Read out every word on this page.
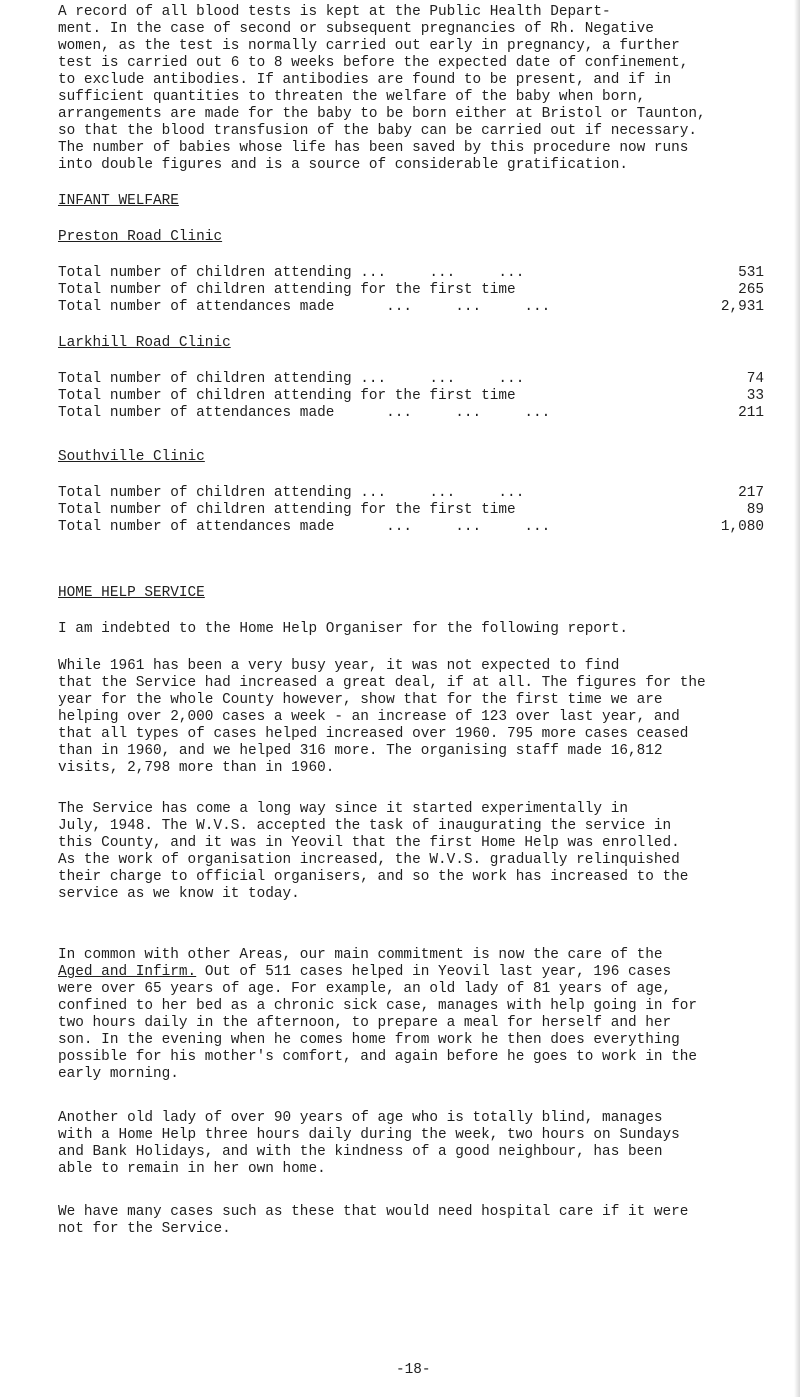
A record of all blood tests is kept at the Public Health Depart-
ment. In the case of second or subsequent pregnancies of Rh. Negative
women, as the test is normally carried out early in pregnancy, a further
test is carried out 6 to 8 weeks before the expected date of confinement,
to exclude antibodies. If antibodies are found to be present, and if in
sufficient quantities to threaten the welfare of the baby when born,
arrangements are made for the baby to be born either at Bristol or Taunton,
so that the blood transfusion of the baby can be carried out if necessary.
The number of babies whose life has been saved by this procedure now runs
into double figures and is a source of considerable gratification.

INFANT WELFARE
Preston Road Clinic
Total number of children attending ...     ...     ...	531
Total number of children attending for the first time	265
Total number of attendances made      ...     ...     ...	2,931
Larkhill Road Clinic
Total number of children attending ...     ...     ...	74
Total number of children attending for the first time	33
Total number of attendances made      ...     ...     ...	211
Southville Clinic
Total number of children attending ...     ...     ...	217
Total number of children attending for the first time	89
Total number of attendances made      ...     ...     ...	1,080
HOME HELP SERVICE

I am indebted to the Home Help Organiser for the following report.

While 1961 has been a very busy year, it was not expected to find
that the Service had increased a great deal, if at all. The figures for the
year for the whole County however, show that for the first time we are
helping over 2,000 cases a week - an increase of 123 over last year, and
that all types of cases helped increased over 1960. 795 more cases ceased
than in 1960, and we helped 316 more. The organising staff made 16,812
visits, 2,798 more than in 1960.

The Service has come a long way since it started experimentally in
July, 1948. The W.V.S. accepted the task of inaugurating the service in
this County, and it was in Yeovil that the first Home Help was enrolled.
As the work of organisation increased, the W.V.S. gradually relinquished
their charge to official organisers, and so the work has increased to the
service as we know it today.

In common with other Areas, our main commitment is now the care of the
Aged and Infirm. Out of 511 cases helped in Yeovil last year, 196 cases
were over 65 years of age. For example, an old lady of 81 years of age,
confined to her bed as a chronic sick case, manages with help going in for
two hours daily in the afternoon, to prepare a meal for herself and her
son. In the evening when he comes home from work he then does everything
possible for his mother's comfort, and again before he goes to work in the
early morning.

Another old lady of over 90 years of age who is totally blind, manages
with a Home Help three hours daily during the week, two hours on Sundays
and Bank Holidays, and with the kindness of a good neighbour, has been
able to remain in her own home.

We have many cases such as these that would need hospital care if it were
not for the Service.

-18-
